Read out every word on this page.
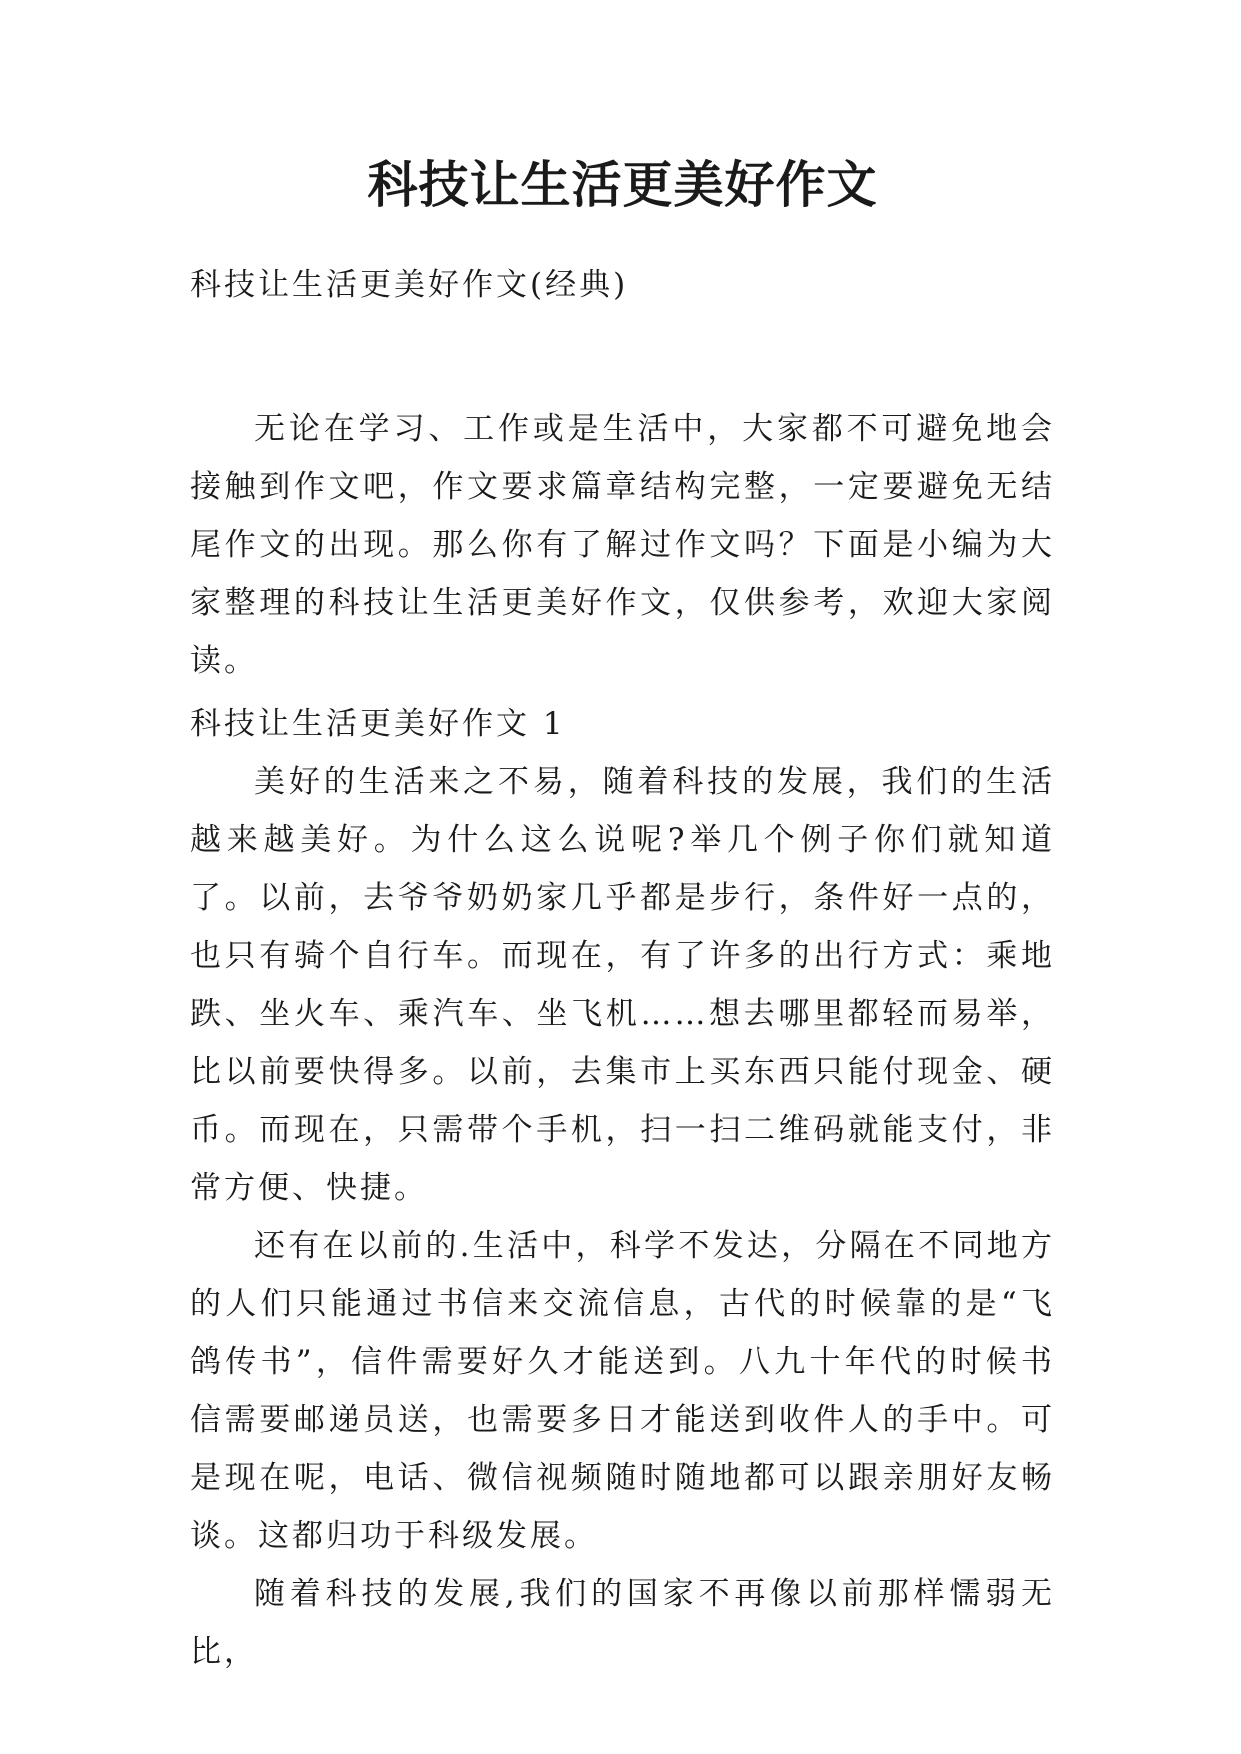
科技让生活更美好作文

科技让生活更美好作文(经典)

无论在学习、工作或是生活中，大家都不可避免地会接触到作文吧，作文要求篇章结构完整，一定要避免无结尾作文的出现。那么你有了解过作文吗？下面是小编为大家整理的科技让生活更美好作文，仅供参考，欢迎大家阅读。

科技让生活更美好作文 1

美好的生活来之不易，随着科技的发展，我们的生活越来越美好。为什么这么说呢?举几个例子你们就知道了。以前，去爷爷奶奶家几乎都是步行，条件好一点的，也只有骑个自行车。而现在，有了许多的出行方式：乘地跌、坐火车、乘汽车、坐飞机……想去哪里都轻而易举，比以前要快得多。以前，去集市上买东西只能付现金、硬币。而现在，只需带个手机，扫一扫二维码就能支付，非常方便、快捷。

还有在以前的.生活中，科学不发达，分隔在不同地方的人们只能通过书信来交流信息，古代的时候靠的是“飞鸽传书”，信件需要好久才能送到。八九十年代的时候书信需要邮递员送，也需要多日才能送到收件人的手中。可是现在呢，电话、微信视频随时随地都可以跟亲朋好友畅谈。这都归功于科级发展。

随着科技的发展,我们的国家不再像以前那样懦弱无比，
